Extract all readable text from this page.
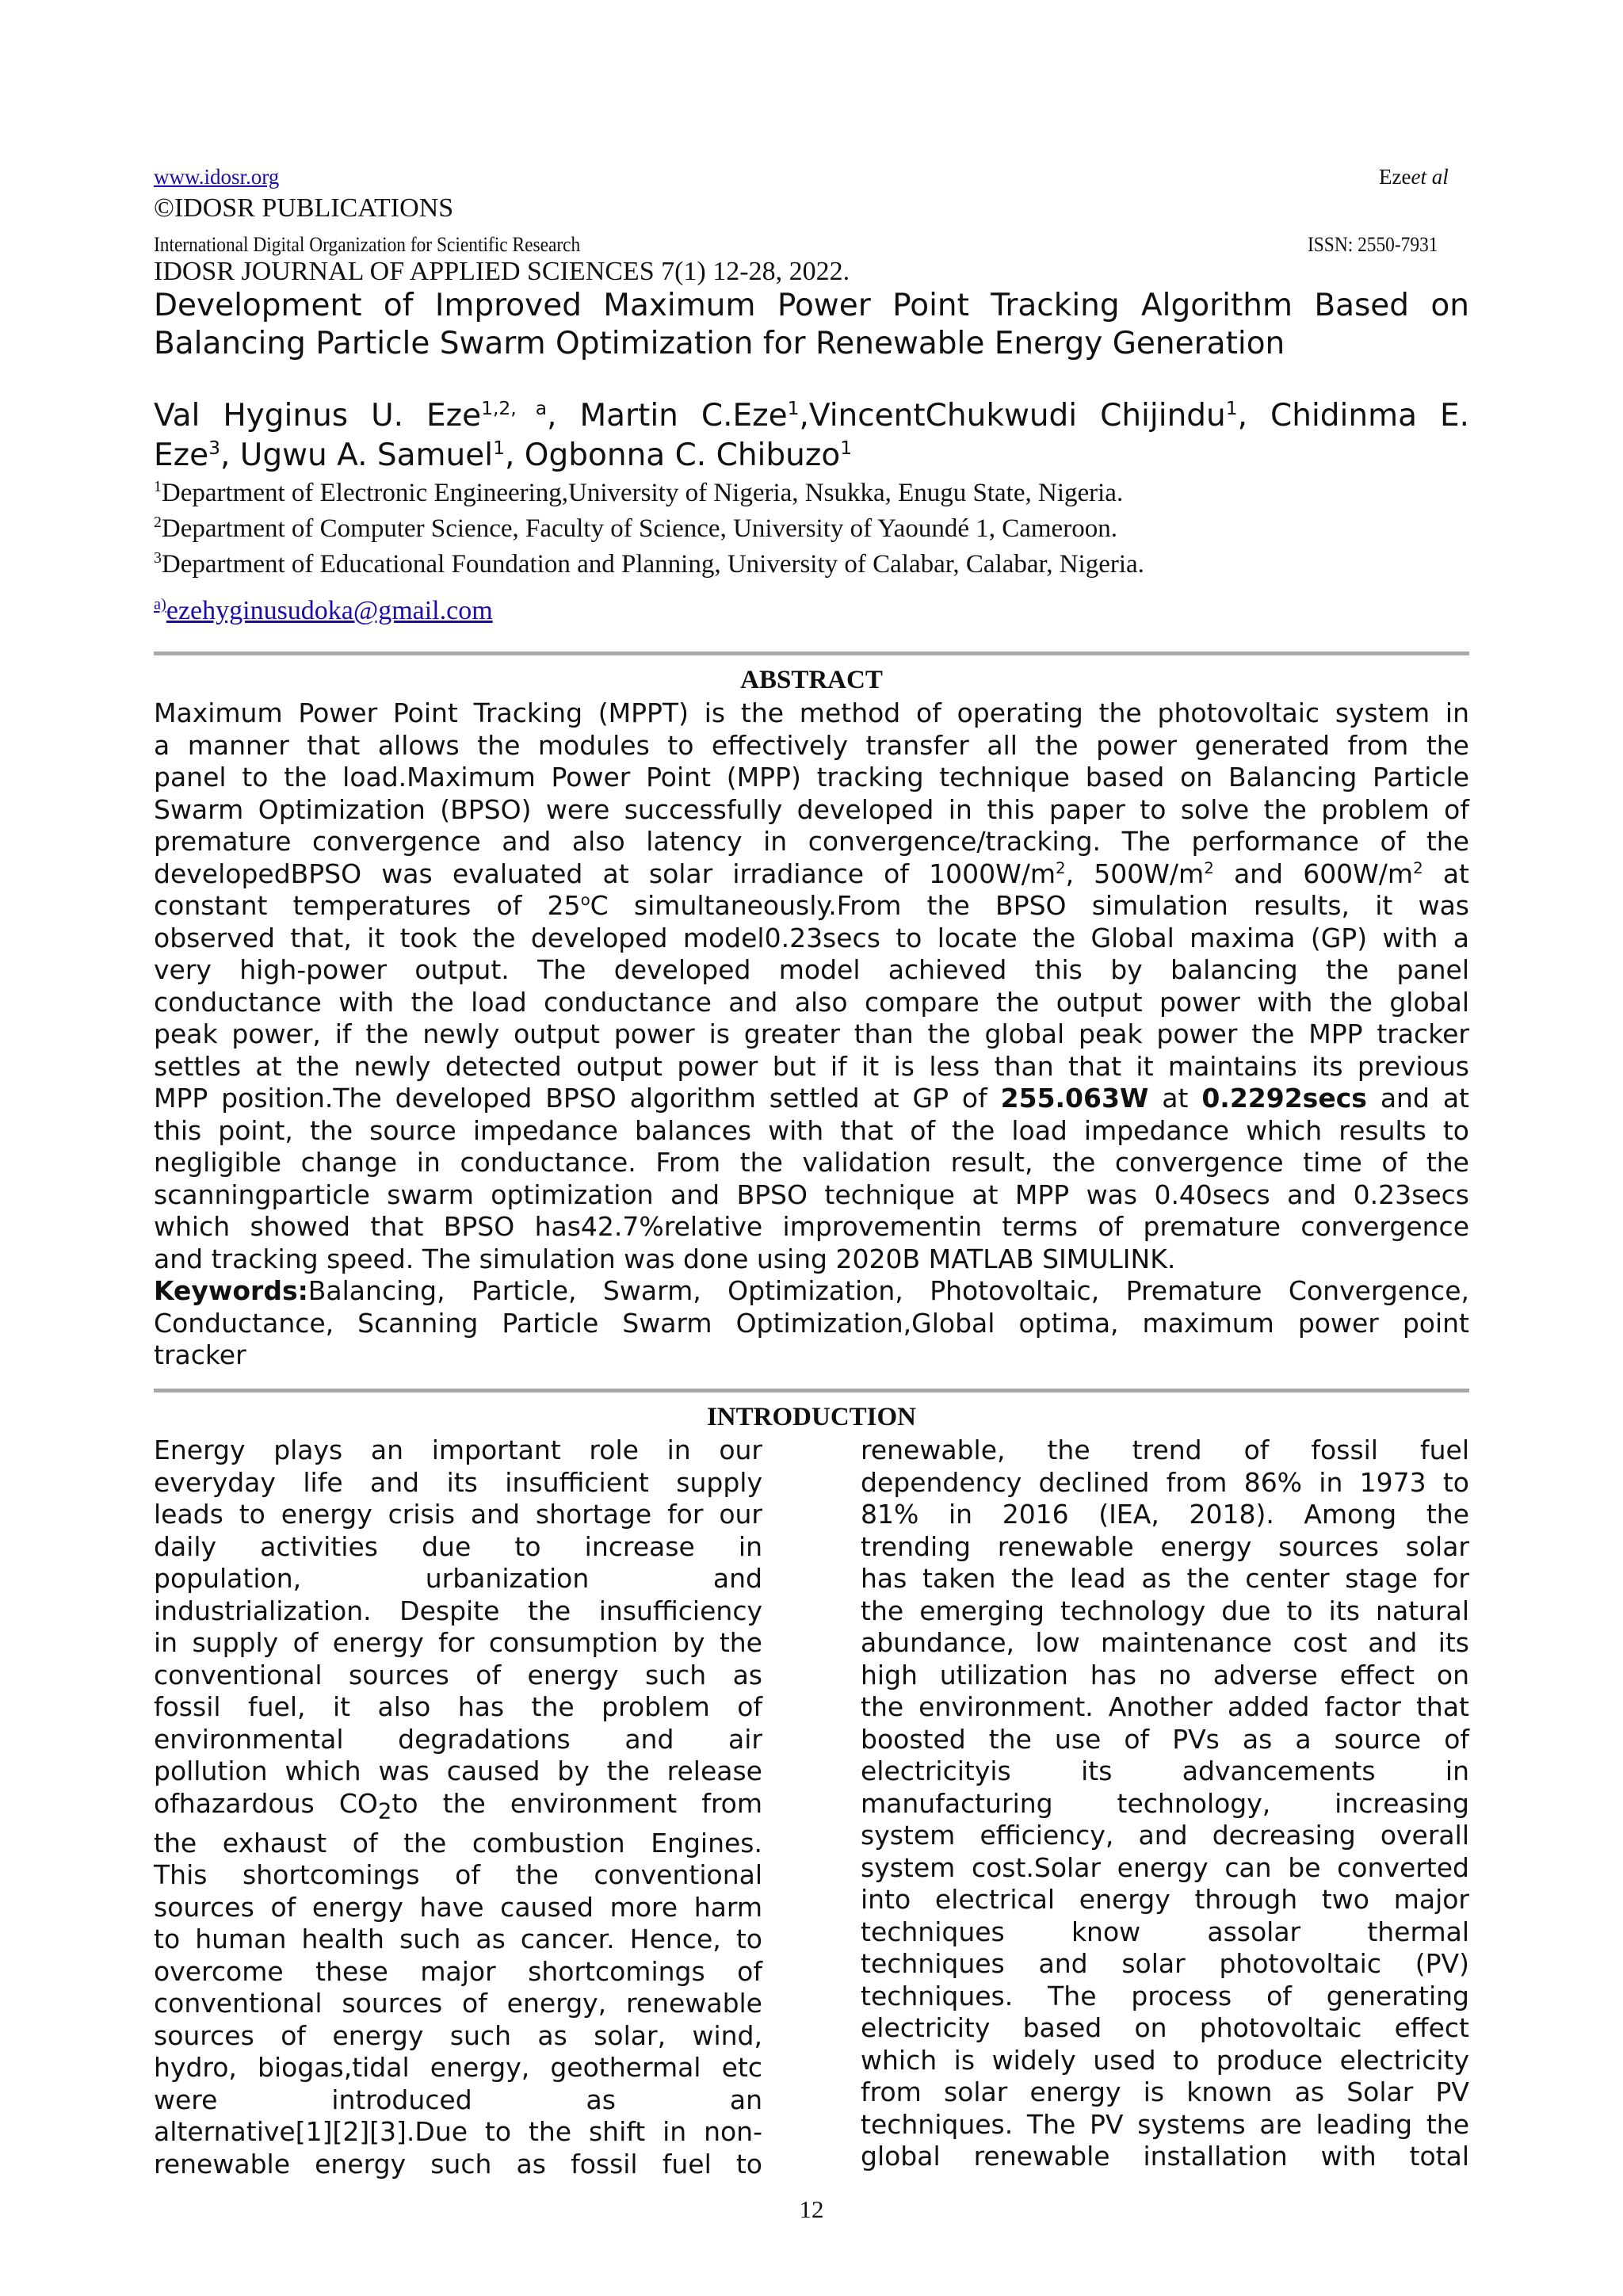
www.idosr.org	Ezeet al
©IDOSR PUBLICATIONS
International Digital Organization for Scientific Research	ISSN: 2550-7931
IDOSR JOURNAL OF APPLIED SCIENCES 7(1) 12-28, 2022.
Development of Improved Maximum Power Point Tracking Algorithm Based on
Balancing Particle Swarm Optimization for Renewable Energy Generation
Val Hyginus U. Eze$^{1,2, a}$, Martin C.Eze$^1$,VincentChukwudi Chijindu$^1$, Chidinma E.
Eze$^3$, Ugwu A. Samuel$^1$, Ogbonna C. Chibuzo$^1$
$^1$Department of Electronic Engineering,University of Nigeria, Nsukka, Enugu State, Nigeria.
$^2$Department of Computer Science, Faculty of Science, University of Yaoundé 1, Cameroon.
$^3$Department of Educational Foundation and Planning, University of Calabar, Calabar, Nigeria.
$^{a)}$ezehyginusudoka@gmail.com
ABSTRACT
Maximum Power Point Tracking (MPPT) is the method of operating the photovoltaic system in
a manner that allows the modules to effectively transfer all the power generated from the
panel to the load.Maximum Power Point (MPP) tracking technique based on Balancing Particle
Swarm Optimization (BPSO) were successfully developed in this paper to solve the problem of
premature convergence and also latency in convergence/tracking. The performance of the
developedBPSO was evaluated at solar irradiance of $1000W/m^2$, $500W/m^2$ and $600W/m^2$ at
constant temperatures of 25$^o$C simultaneously.From the BPSO simulation results, it was
observed that, it took the developed model0.23secs to locate the Global maxima (GP) with a
very high-power output. The developed model achieved this by balancing the panel
conductance with the load conductance and also compare the output power with the global
peak power, if the newly output power is greater than the global peak power the MPP tracker
settles at the newly detected output power but if it is less than that it maintains its previous
MPP position.The developed BPSO algorithm settled at GP of 255.063W at 0.2292secs and at
this point, the source impedance balances with that of the load impedance which results to
negligible change in conductance. From the validation result, the convergence time of the
scanningparticle swarm optimization and BPSO technique at MPP was 0.40secs and 0.23secs
which showed that BPSO has42.7%relative improvementin terms of premature convergence
and tracking speed. The simulation was done using 2020B MATLAB SIMULINK.
Keywords:Balancing, Particle, Swarm, Optimization, Photovoltaic, Premature Convergence,
Conductance, Scanning Particle Swarm Optimization,Global optima, maximum power point
tracker
INTRODUCTION
Energy plays an important role in our
everyday life and its insufficient supply
leads to energy crisis and shortage for our
daily activities due to increase in
population, urbanization and
industrialization. Despite the insufficiency
in supply of energy for consumption by the
conventional sources of energy such as
fossil fuel, it also has the problem of
environmental degradations and air
pollution which was caused by the release
ofhazardous $CO_2to$ the environment from
the exhaust of the combustion Engines.
This shortcomings of the conventional
sources of energy have caused more harm
to human health such as cancer. Hence, to
overcome these major shortcomings of
conventional sources of energy, renewable
sources of energy such as solar, wind,
hydro, biogas,tidal energy, geothermal etc
were introduced as an
alternative[1][2][3].Due to the shift in non-
renewable energy such as fossil fuel to
renewable, the trend of fossil fuel
dependency declined from 86% in 1973 to
81% in 2016 (IEA, 2018). Among the
trending renewable energy sources solar
has taken the lead as the center stage for
the emerging technology due to its natural
abundance, low maintenance cost and its
high utilization has no adverse effect on
the environment. Another added factor that
boosted the use of PVs as a source of
electricityis its advancements in
manufacturing technology, increasing
system efficiency, and decreasing overall
system cost.Solar energy can be converted
into electrical energy through two major
techniques know assolar thermal
techniques and solar photovoltaic (PV)
techniques. The process of generating
electricity based on photovoltaic effect
which is widely used to produce electricity
from solar energy is known as Solar PV
techniques. The PV systems are leading the
global renewable installation with total
12
